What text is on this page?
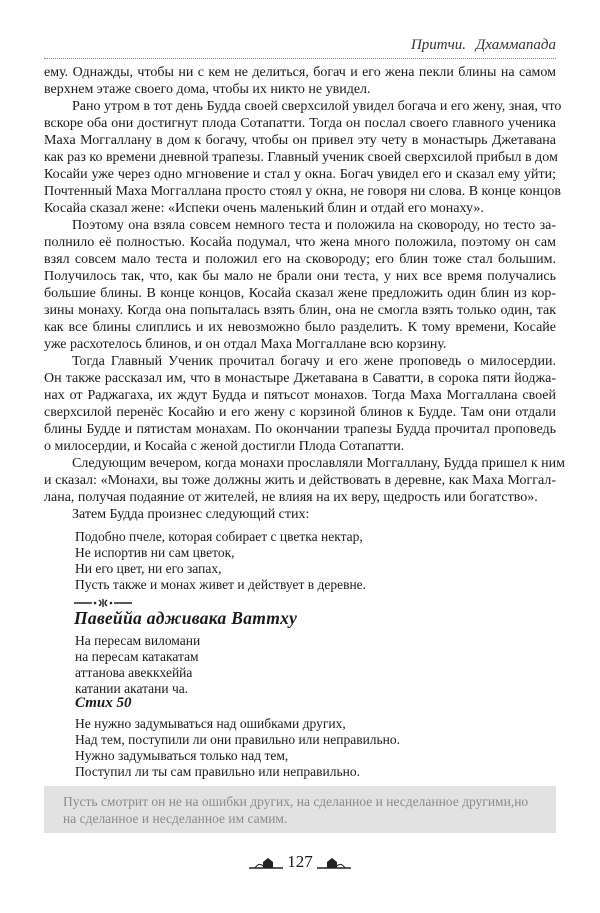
Притчи. Дхаммапада
ему. Однажды, чтобы ни с кем не делиться, богач и его жена пекли блины на самом
верхнем этаже своего дома, чтобы их никто не увидел.
Рано утром в тот день Будда своей сверхсилой увидел богача и его жену, зная, что
вскоре оба они достигнут плода Сотапатти. Тогда он послал своего главного ученика
Маха Моггаллану в дом к богачу, чтобы он привел эту чету в монастырь Джетавана
как раз ко времени дневной трапезы. Главный ученик своей сверхсилой прибыл в дом
Косайи уже через одно мгновение и стал у окна. Богач увидел его и сказал ему уйти;
Почтенный Маха Моггаллана просто стоял у окна, не говоря ни слова. В конце концов
Косайа сказал жене: «Испеки очень маленький блин и отдай его монаху».
Поэтому она взяла совсем немного теста и положила на сковороду, но тесто за-
полнило её полностью. Косайа подумал, что жена много положила, поэтому он сам
взял совсем мало теста и положил его на сковороду; его блин тоже стал большим.
Получилось так, что, как бы мало не брали они теста, у них все время получались
большие блины. В конце концов, Косайа сказал жене предложить один блин из кор-
зины монаху. Когда она попыталась взять блин, она не смогла взять только один, так
как все блины слиплись и их невозможно было разделить. К тому времени, Косайе
уже расхотелось блинов, и он отдал Маха Моггаллане всю корзину.
Тогда Главный Ученик прочитал богачу и его жене проповедь о милосердии.
Он также рассказал им, что в монастыре Джетавана в Саватти, в сорока пяти йоджа-
нах от Раджагаха, их ждут Будда и пятьсот монахов. Тогда Маха Моггаллана своей
сверхсилой перенёс Косайю и его жену с корзиной блинов к Будде. Там они отдали
блины Будде и пятистам монахам. По окончании трапезы Будда прочитал проповедь
о милосердии, и Косайа с женой достигли Плода Сотапатти.
Следующим вечером, когда монахи прославляли Моггаллану, Будда пришел к ним
и сказал: «Монахи, вы тоже должны жить и действовать в деревне, как Маха Моггал-
лана, получая подаяние от жителей, не влияя на их веру, щедрость или богатство».
Затем Будда произнес следующий стих:
Подобно пчеле, которая собирает с цветка нектар,
Не испортив ни сам цветок,
Ни его цвет, ни его запах,
Пусть также и монах живет и действует в деревне.
Павеййа адживака Ваттху
На пересам виломани
на пересам катакатам
аттанова авеккхеййа
катании акатани ча.
Стих 50
Не нужно задумываться над ошибками других,
Над тем, поступили ли они правильно или неправильно.
Нужно задумываться только над тем,
Поступил ли ты сам правильно или неправильно.
Пусть смотрит он не на ошибки других, на сделанное и несделанное другими,но
на сделанное и несделанное им самим.
127
